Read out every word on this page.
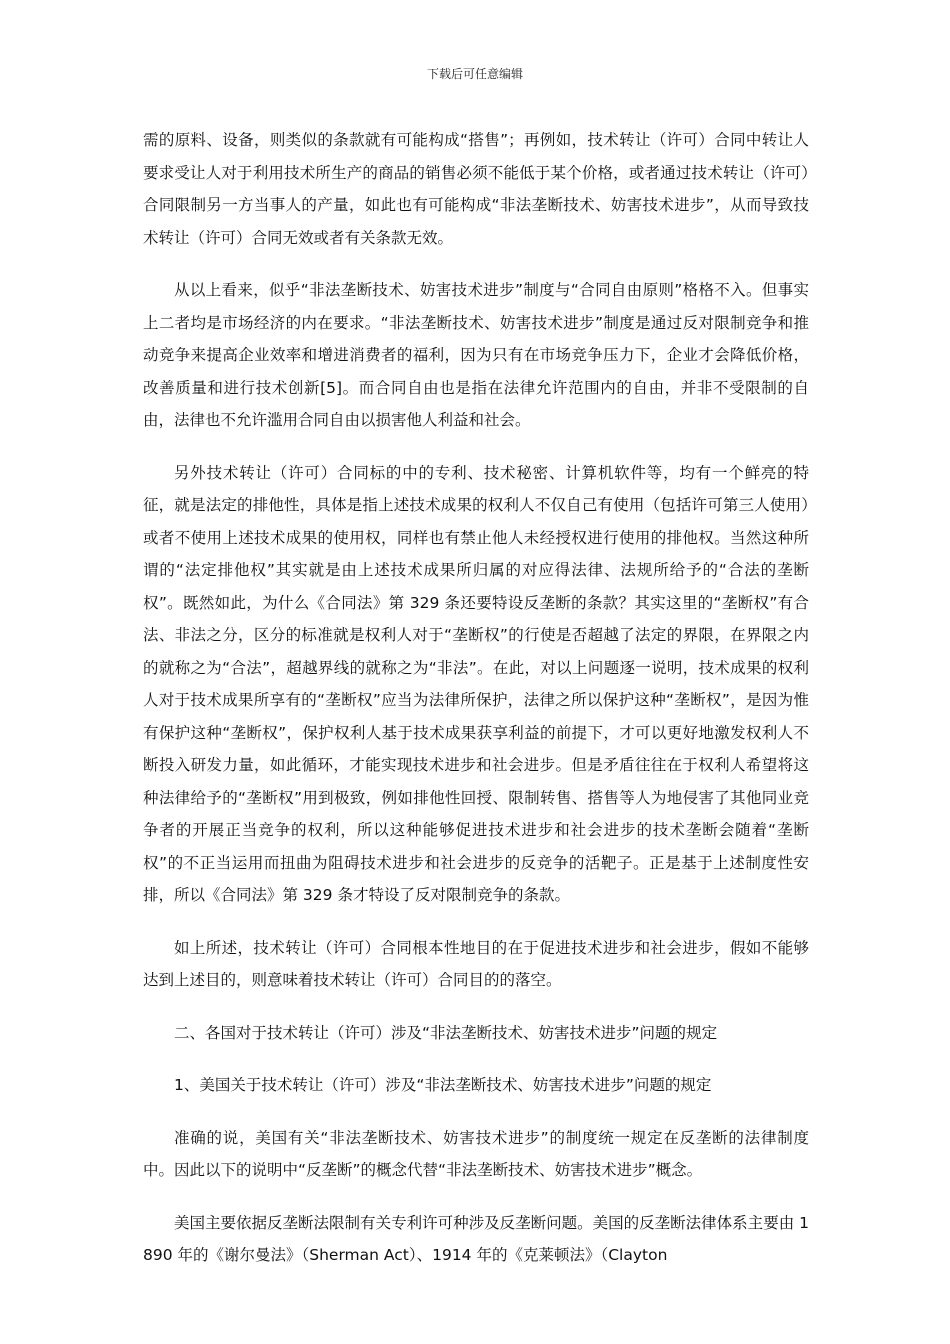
下载后可任意编辑

需的原料、设备，则类似的条款就有可能构成“搭售”；再例如，技术转让（许可）合同中转让人要求受让人对于利用技术所生产的商品的销售必须不能低于某个价格，或者通过技术转让（许可）合同限制另一方当事人的产量，如此也有可能构成“非法垄断技术、妨害技术进步”，从而导致技术转让（许可）合同无效或者有关条款无效。

从以上看来，似乎“非法垄断技术、妨害技术进步”制度与“合同自由原则”格格不入。但事实上二者均是市场经济的内在要求。“非法垄断技术、妨害技术进步”制度是通过反对限制竞争和推动竞争来提高企业效率和增进消费者的福利，因为只有在市场竞争压力下，企业才会降低价格，改善质量和进行技术创新[5]。而合同自由也是指在法律允许范围内的自由，并非不受限制的自由，法律也不允许滥用合同自由以损害他人利益和社会。

另外技术转让（许可）合同标的中的专利、技术秘密、计算机软件等，均有一个鲜亮的特征，就是法定的排他性，具体是指上述技术成果的权利人不仅自己有使用（包括许可第三人使用）或者不使用上述技术成果的使用权，同样也有禁止他人未经授权进行使用的排他权。当然这种所谓的“法定排他权”其实就是由上述技术成果所归属的对应得法律、法规所给予的“合法的垄断权”。既然如此，为什么《合同法》第 329 条还要特设反垄断的条款？其实这里的“垄断权”有合法、非法之分，区分的标准就是权利人对于“垄断权”的行使是否超越了法定的界限，在界限之内的就称之为“合法”，超越界线的就称之为“非法”。在此，对以上问题逐一说明，技术成果的权利人对于技术成果所享有的“垄断权”应当为法律所保护，法律之所以保护这种“垄断权”，是因为惟有保护这种“垄断权”，保护权利人基于技术成果获享利益的前提下，才可以更好地激发权利人不断投入研发力量，如此循环，才能实现技术进步和社会进步。但是矛盾往往在于权利人希望将这种法律给予的“垄断权”用到极致，例如排他性回授、限制转售、搭售等人为地侵害了其他同业竞争者的开展正当竞争的权利，所以这种能够促进技术进步和社会进步的技术垄断会随着“垄断权”的不正当运用而扭曲为阻碍技术进步和社会进步的反竞争的活靶子。正是基于上述制度性安排，所以《合同法》第 329 条才特设了反对限制竞争的条款。

如上所述，技术转让（许可）合同根本性地目的在于促进技术进步和社会进步，假如不能够达到上述目的，则意味着技术转让（许可）合同目的的落空。

二、各国对于技术转让（许可）涉及“非法垄断技术、妨害技术进步”问题的规定

1、美国关于技术转让（许可）涉及“非法垄断技术、妨害技术进步”问题的规定

准确的说，美国有关“非法垄断技术、妨害技术进步”的制度统一规定在反垄断的法律制度中。因此以下的说明中“反垄断”的概念代替“非法垄断技术、妨害技术进步”概念。

美国主要依据反垄断法限制有关专利许可种涉及反垄断问题。美国的反垄断法律体系主要由 1890 年的《谢尔曼法》（Sherman Act）、1914 年的《克莱顿法》（Clayton
